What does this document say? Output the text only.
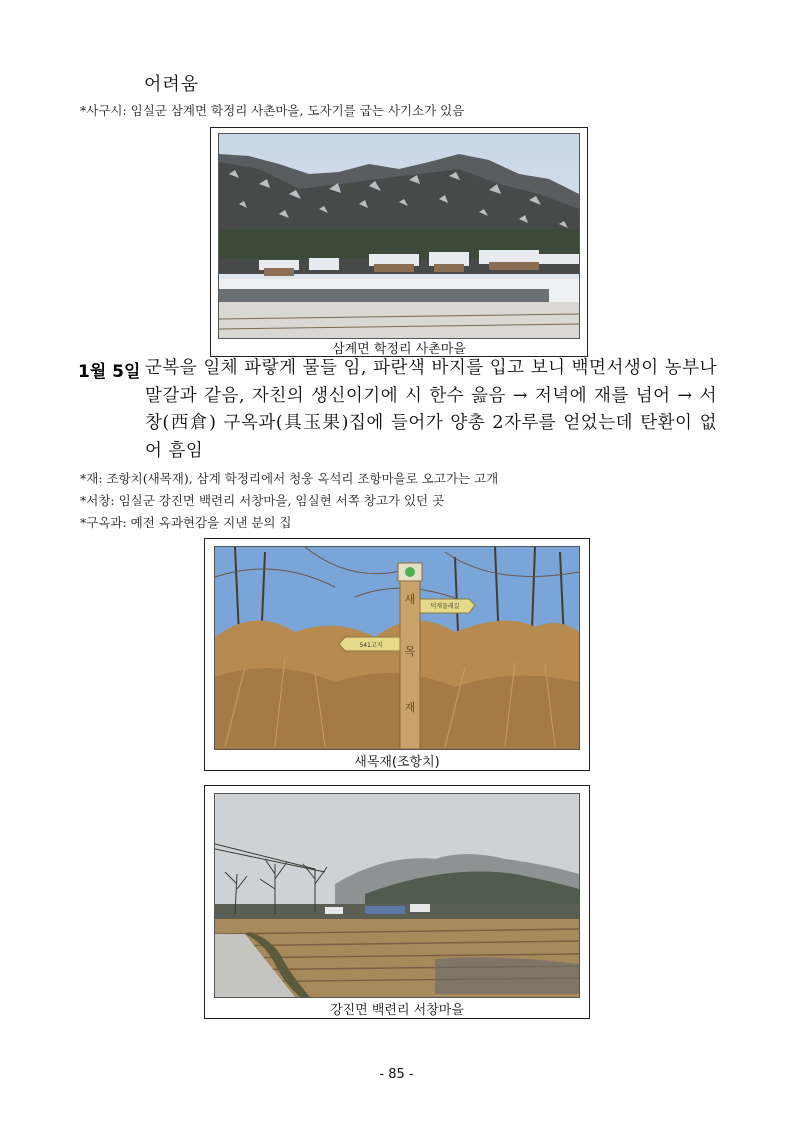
어려움
*사구시: 임실군 삼계면 학정리 사촌마을, 도자기를 굽는 사기소가 있음
삼계면 학정리 사촌마을
1월 5일 군복을 일체 파랗게 물들 임, 파란색 바지를 입고 보니 백면서생이 농부나 말갈과 같음, 자친의 생신이기에 시 한수 읊음 → 저녁에 재를 넘어 → 서창(西倉) 구옥과(具玉果)집에 들어가 양총 2자루를 얻었는데 탄환이 없어 흠임
*재: 조항치(새목재), 삼계 학정리에서 청웅 옥석리 조항마을로 오고가는 고개
*서창: 임실군 강진면 백련리 서창마을, 임실현 서쪽 창고가 있던 곳
*구옥과: 예전 옥과현감을 지낸 분의 집
새
목
재
541고지
덕재둘레길
새목재(조항치)
강진면 백련리 서창마을
- 85 -
